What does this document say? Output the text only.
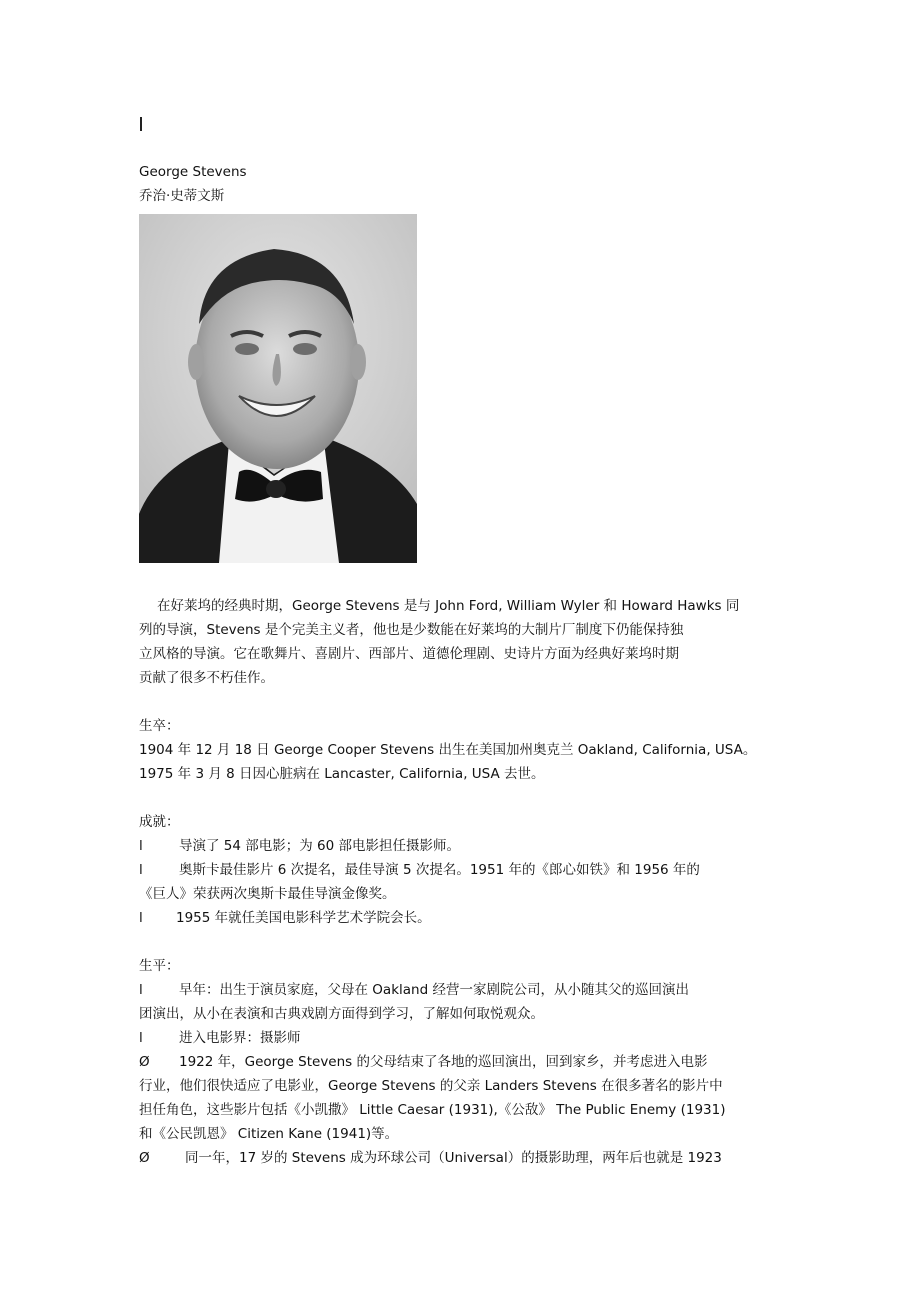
George Stevens
乔治·史蒂文斯
在好莱坞的经典时期，George Stevens 是与 John Ford, William Wyler 和 Howard Hawks 同
列的导演，Stevens 是个完美主义者，他也是少数能在好莱坞的大制片厂制度下仍能保持独
立风格的导演。它在歌舞片、喜剧片、西部片、道德伦理剧、史诗片方面为经典好莱坞时期
贡献了很多不朽佳作。
生卒：
1904 年 12 月 18 日 George Cooper Stevens 出生在美国加州奥克兰 Oakland, California, USA。
1975 年 3 月 8 日因心脏病在 Lancaster, California, USA 去世。
成就：
l	导演了 54 部电影；为 60 部电影担任摄影师。
l	奥斯卡最佳影片 6 次提名，最佳导演 5 次提名。1951 年的《郎心如铁》和 1956 年的
《巨人》荣获两次奥斯卡最佳导演金像奖。
l 1955 年就任美国电影科学艺术学院会长。
生平：
l	早年：出生于演员家庭，父母在 Oakland 经营一家剧院公司，从小随其父的巡回演出
团演出，从小在表演和古典戏剧方面得到学习，了解如何取悦观众。
l	进入电影界：摄影师
Ø 1922 年，George Stevens 的父母结束了各地的巡回演出，回到家乡，并考虑进入电影
行业，他们很快适应了电影业，George Stevens 的父亲 Landers Stevens 在很多著名的影片中
担任角色，这些影片包括《小凯撒》 Little Caesar (1931),《公敌》 The Public Enemy (1931)
和《公民凯恩》 Citizen Kane (1941)等。
Ø	同一年，17 岁的 Stevens 成为环球公司（Universal）的摄影助理，两年后也就是 1923
